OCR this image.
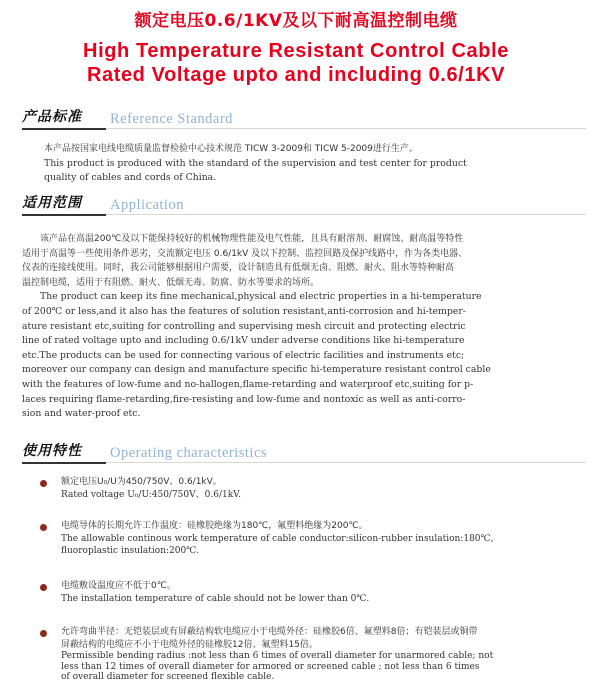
额定电压0.6/1KV及以下耐高温控制电缆
High Temperature Resistant Control Cable
Rated Voltage upto and including 0.6/1KV
产品标准 Reference Standard

本产品按国家电线电缆质量监督检验中心技术规范 TICW 3-2009和 TICW 5-2009进行生产。

This product is produced with the standard of the supervision and test center for product

quality of cables and cords of China.

适用范围 Application

该产品在高温200℃及以下能保持较好的机械物理性能及电气性能，且具有耐溶剂、耐腐蚀、耐高温等特性

适用于高温等一些使用条件恶劣，交流额定电压 0.6/1kV 及以下控制、监控回路及保护线路中，作为各类电器、

仪表的连接线使用。同时，我公司能够根据用户需要，设计制造具有低烟无卤、阻燃、耐火、阻水等特种耐高

温控制电缆，适用于有阻燃、耐火、低烟无毒、防腐、防水等要求的场所。

The product can keep its fine mechanical,physical and electric properties in a hi-temperature

of 200℃ or less,and it also has the features of solution resistant,anti-corrosion and hi-temper-

ature resistant etc,suiting for controlling and supervising mesh circuit and protecting electric

line of rated voltage upto and including 0.6/1kV under adverse conditions like hi-temperature

etc.The products can be used for connecting various of electric facilities and instruments etc;

moreover our company can design and manufacture specific hi-temperature resistant control cable

with the features of low-fume and no-hallogen,flame-retarding and waterproof etc,suiting for p-

laces requiring flame-retarding,fire-resisting and low-fume and nontoxic as well as anti-corro-

sion and water-proof etc.

使用特性 Operating characteristics

额定电压U₀/U为450/750V、0.6/1kV。

Rated voltage U₀/U:450/750V、0.6/1kV.

电缆导体的长期允许工作温度：硅橡胶绝缘为180℃，氟塑料绝缘为200℃。

The allowable continous work temperature of cable conductor:silicon-rubber insulation:180℃,

fluoroplastic insulation:200℃.

电缆敷设温度应不低于0℃。

The installation temperature of cable should not be lower than 0℃.

允许弯曲半径：无铠装层或有屏蔽结构软电缆应小于电缆外径：硅橡胶6倍、氟塑料8倍；有铠装层或铜带

屏蔽结构的电缆应不小于电缆外径的硅橡胶12倍、氟塑料15倍。

Permissible bending radius :not less than 6 times of overall diameter for unarmored cable; not

less than 12 times of overall diameter for armored or screened cable ; not less than 6 times

of overall diameter for screened flexible cable.
